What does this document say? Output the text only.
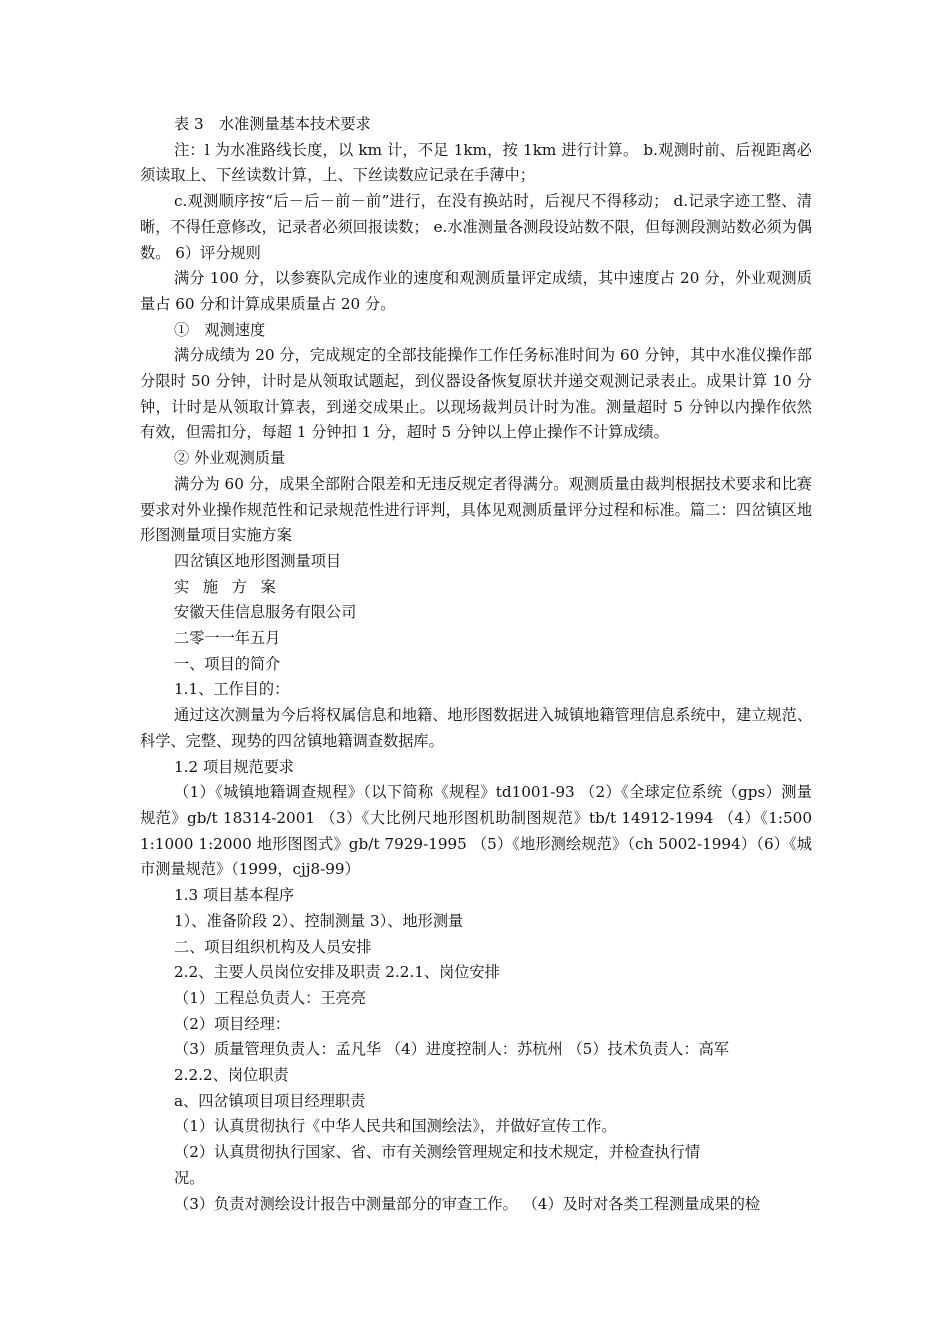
表 3　水准测量基本技术要求

注：l 为水准路线长度，以 km 计，不足 1km，按 1km 进行计算。 b.观测时前、后视距离必须读取上、下丝读数计算，上、下丝读数应记录在手薄中；

c.观测顺序按“后－后－前－前”进行，在没有换站时，后视尺不得移动； d.记录字迹工整、清晰，不得任意修改，记录者必须回报读数； e.水准测量各测段设站数不限，但每测段测站数必须为偶数。 6）评分规则

满分 100 分，以参赛队完成作业的速度和观测质量评定成绩，其中速度占 20 分，外业观测质量占 60 分和计算成果质量占 20 分。

①　观测速度

满分成绩为 20 分，完成规定的全部技能操作工作任务标准时间为 60 分钟，其中水准仪操作部分限时 50 分钟，计时是从领取试题起，到仪器设备恢复原状并递交观测记录表止。成果计算 10 分钟，计时是从领取计算表，到递交成果止。以现场裁判员计时为准。测量超时 5 分钟以内操作依然有效，但需扣分，每超 1 分钟扣 1 分，超时 5 分钟以上停止操作不计算成绩。

② 外业观测质量

满分为 60 分，成果全部附合限差和无违反规定者得满分。观测质量由裁判根据技术要求和比赛要求对外业操作规范性和记录规范性进行评判，具体见观测质量评分过程和标准。篇二：四岔镇区地形图测量项目实施方案

四岔镇区地形图测量项目

实施方案

安徽天佳信息服务有限公司

二零一一年五月

一、项目的简介

1.1、工作目的：

通过这次测量为今后将权属信息和地籍、地形图数据进入城镇地籍管理信息系统中，建立规范、科学、完整、现势的四岔镇地籍调查数据库。

1.2 项目规范要求

（1）《城镇地籍调查规程》（以下简称《规程》td1001-93 （2）《全球定位系统（gps）测量规范》gb/t 18314-2001 （3）《大比例尺地形图机助制图规范》tb/t 14912-1994 （4）《1:500 1:1000 1:2000 地形图图式》gb/t 7929-1995 （5）《地形测绘规范》（ch 5002-1994）（6）《城市测量规范》（1999，cjj8-99）

1.3 项目基本程序

1）、准备阶段 2）、控制测量 3）、地形测量

二、项目组织机构及人员安排

2.2、主要人员岗位安排及职责 2.2.1、岗位安排

（1）工程总负责人：王亮亮

（2）项目经理：

（3）质量管理负责人：孟凡华 （4）进度控制人：苏杭州 （5）技术负责人：高军

2.2.2、岗位职责

a、四岔镇项目项目经理职责

（1）认真贯彻执行《中华人民共和国测绘法》，并做好宣传工作。

（2）认真贯彻执行国家、省、市有关测绘管理规定和技术规定，并检查执行情

况。

（3）负责对测绘设计报告中测量部分的审查工作。 （4）及时对各类工程测量成果的检
